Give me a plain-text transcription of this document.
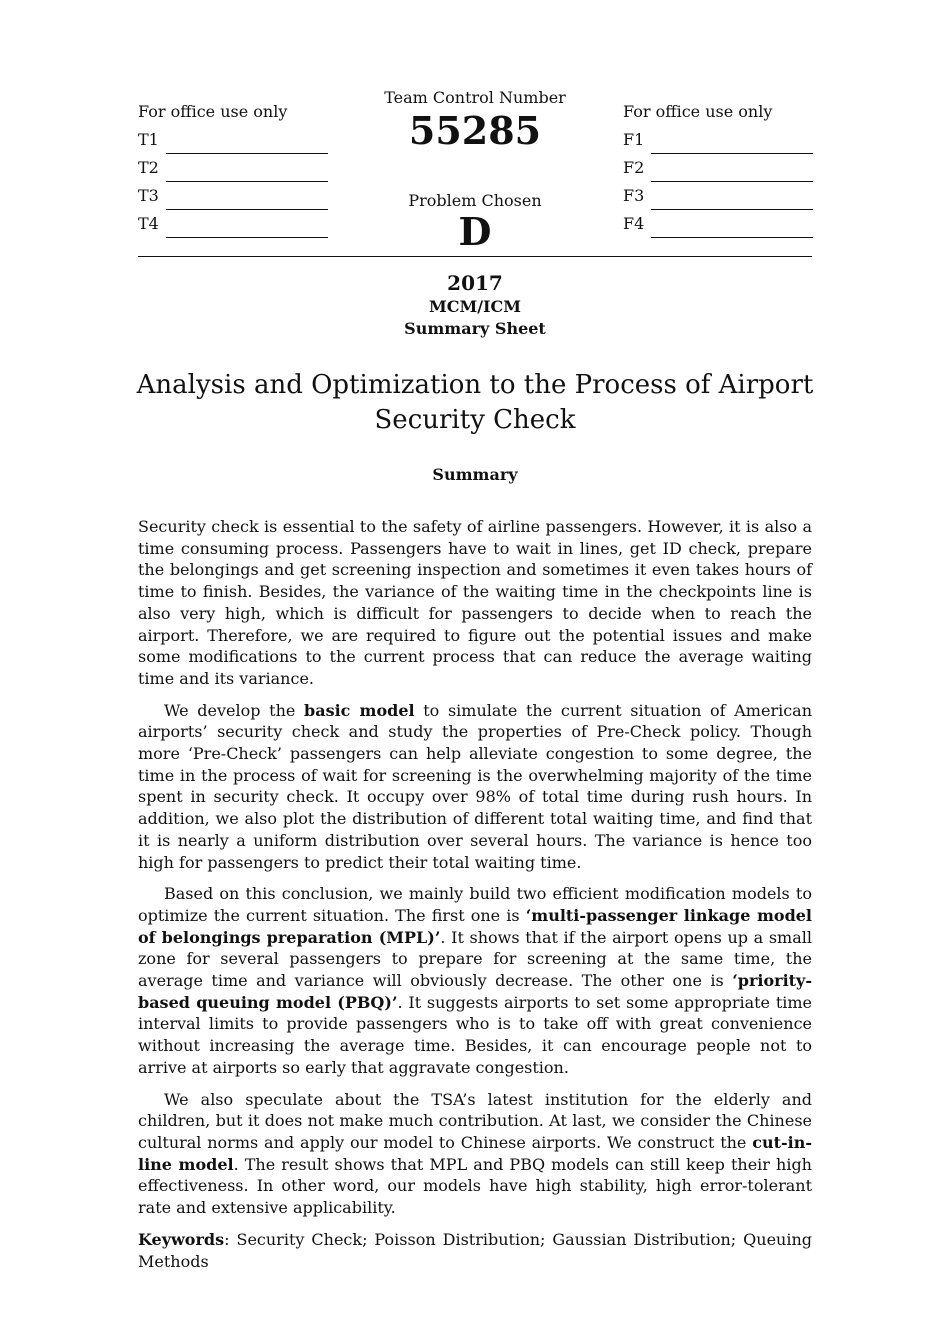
For office use only
T1
T2
T3
T4
Team Control Number
55285
Problem Chosen
D
For office use only
F1
F2
F3
F4
2017
MCM/ICM
Summary Sheet
Analysis and Optimization to the Process of Airport Security Check
Summary

Security check is essential to the safety of airline passengers. However, it is also a time consuming process. Passengers have to wait in lines, get ID check, prepare the belongings and get screening inspection and sometimes it even takes hours of time to finish. Besides, the variance of the waiting time in the checkpoints line is also very high, which is difficult for passengers to decide when to reach the airport. Therefore, we are required to figure out the potential issues and make some modifications to the current process that can reduce the average waiting time and its variance.

We develop the basic model to simulate the current situation of American airports’ security check and study the properties of Pre-Check policy. Though more ‘Pre-Check’ passengers can help alleviate congestion to some degree, the time in the process of wait for screening is the overwhelming majority of the time spent in security check. It occupy over 98% of total time during rush hours. In addition, we also plot the distribution of different total waiting time, and find that it is nearly a uniform distribution over several hours. The variance is hence too high for passengers to predict their total waiting time.

Based on this conclusion, we mainly build two efficient modification models to optimize the current situation. The first one is ‘multi-passenger linkage model of belongings preparation (MPL)’. It shows that if the airport opens up a small zone for several passengers to prepare for screening at the same time, the average time and variance will obviously decrease. The other one is ‘priority-based queuing model (PBQ)’. It suggests airports to set some appropriate time interval limits to provide passengers who is to take off with great convenience without increasing the average time. Besides, it can encourage people not to arrive at airports so early that aggravate congestion.

We also speculate about the TSA’s latest institution for the elderly and children, but it does not make much contribution. At last, we consider the Chinese cultural norms and apply our model to Chinese airports. We construct the cut-in-line model. The result shows that MPL and PBQ models can still keep their high effectiveness. In other word, our models have high stability, high error-tolerant rate and extensive applicability.

Keywords: Security Check; Poisson Distribution; Gaussian Distribution; Queuing Methods
